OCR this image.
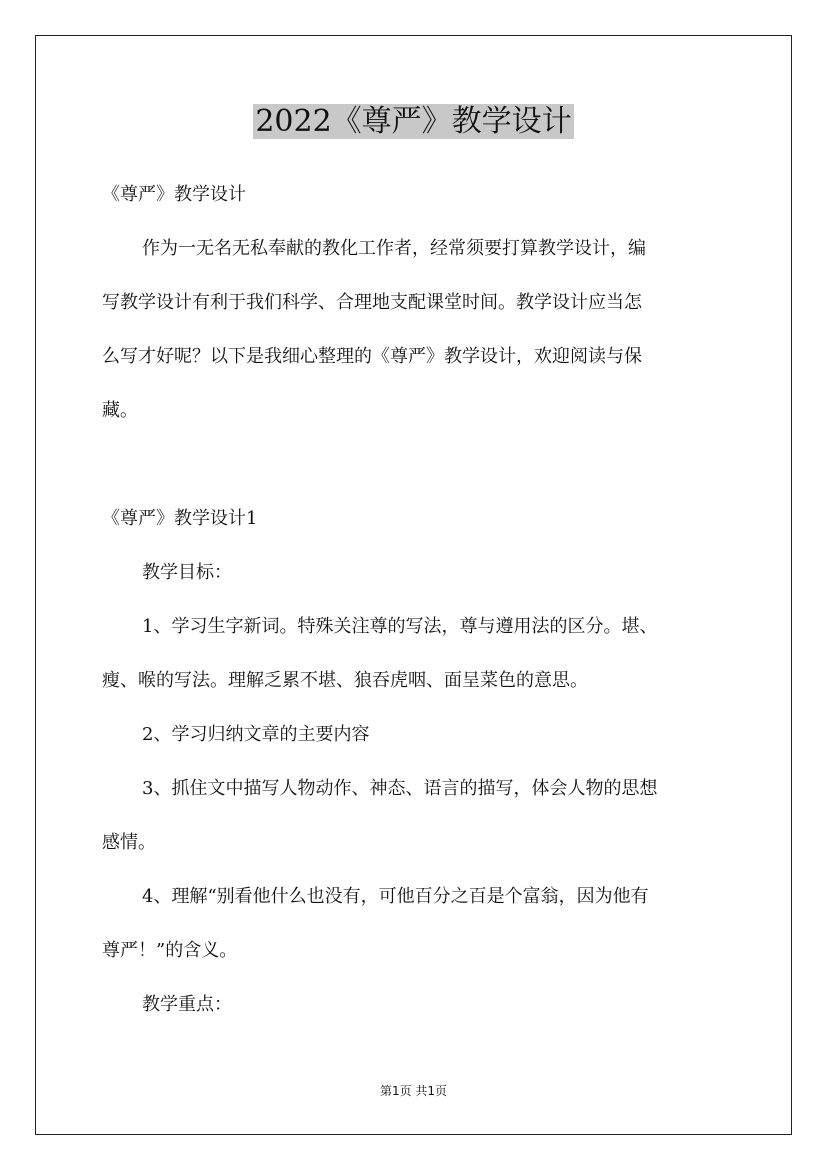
2022《尊严》教学设计
《尊严》教学设计
作为一无名无私奉献的教化工作者，经常须要打算教学设计，编
写教学设计有利于我们科学、合理地支配课堂时间。教学设计应当怎
么写才好呢？以下是我细心整理的《尊严》教学设计，欢迎阅读与保
藏。
《尊严》教学设计1
教学目标：
1、学习生字新词。特殊关注尊的写法，尊与遵用法的区分。堪、
瘦、喉的写法。理解乏累不堪、狼吞虎咽、面呈菜色的意思。
2、学习归纳文章的主要内容
3、抓住文中描写人物动作、神态、语言的描写，体会人物的思想
感情。
4、理解“别看他什么也没有，可他百分之百是个富翁，因为他有
尊严！”的含义。
教学重点：
第1页 共1页
